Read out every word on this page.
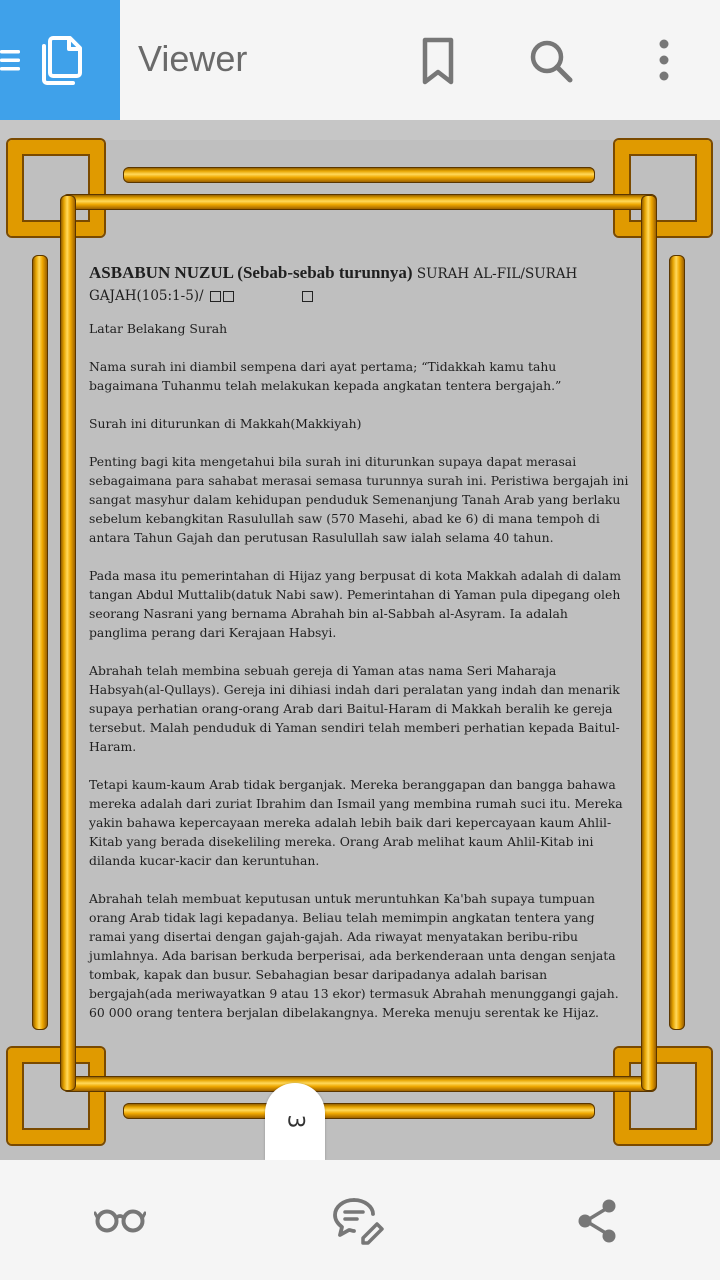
Viewer
ASBABUN NUZUL (Sebab-sebab turunnya) SURAH AL-FIL/SURAH GAJAH(105:1-5)/

Latar Belakang Surah

Nama surah ini diambil sempena dari ayat pertama; “Tidakkah kamu tahu bagaimana Tuhanmu telah melakukan kepada angkatan tentera bergajah.”

Surah ini diturunkan di Makkah(Makkiyah)

Penting bagi kita mengetahui bila surah ini diturunkan supaya dapat merasai sebagaimana para sahabat merasai semasa turunnya surah ini. Peristiwa bergajah ini sangat masyhur dalam kehidupan penduduk Semenanjung Tanah Arab yang berlaku sebelum kebangkitan Rasulullah saw (570 Masehi, abad ke 6) di mana tempoh di antara Tahun Gajah dan perutusan Rasulullah saw ialah selama 40 tahun.

Pada masa itu pemerintahan di Hijaz yang berpusat di kota Makkah adalah di dalam tangan Abdul Muttalib(datuk Nabi saw). Pemerintahan di Yaman pula dipegang oleh seorang Nasrani yang bernama Abrahah bin al-Sabbah al-Asyram. Ia adalah panglima perang dari Kerajaan Habsyi.

Abrahah telah membina sebuah gereja di Yaman atas nama Seri Maharaja Habsyah(al-Qullays). Gereja ini dihiasi indah dari peralatan yang indah dan menarik supaya perhatian orang-orang Arab dari Baitul-Haram di Makkah beralih ke gereja tersebut. Malah penduduk di Yaman sendiri telah memberi perhatian kepada Baitul-Haram.

Tetapi kaum-kaum Arab tidak berganjak. Mereka beranggapan dan bangga bahawa mereka adalah dari zuriat Ibrahim dan Ismail yang membina rumah suci itu. Mereka yakin bahawa kepercayaan mereka adalah lebih baik dari kepercayaan kaum Ahlil-Kitab yang berada disekeliling mereka. Orang Arab melihat kaum Ahlil-Kitab ini dilanda kucar-kacir dan keruntuhan.

Abrahah telah membuat keputusan untuk meruntuhkan Ka'bah supaya tumpuan orang Arab tidak lagi kepadanya. Beliau telah memimpin angkatan tentera yang ramai yang disertai dengan gajah-gajah. Ada riwayat menyatakan beribu-ribu jumlahnya. Ada barisan berkuda berperisai, ada berkenderaan unta dengan senjata tombak, kapak dan busur. Sebahagian besar daripadanya adalah barisan bergajah(ada meriwayatkan 9 atau 13 ekor) termasuk Abrahah menunggangi gajah. 60 000 orang tentera berjalan dibelakangnya. Mereka menuju serentak ke Hijaz.

3
